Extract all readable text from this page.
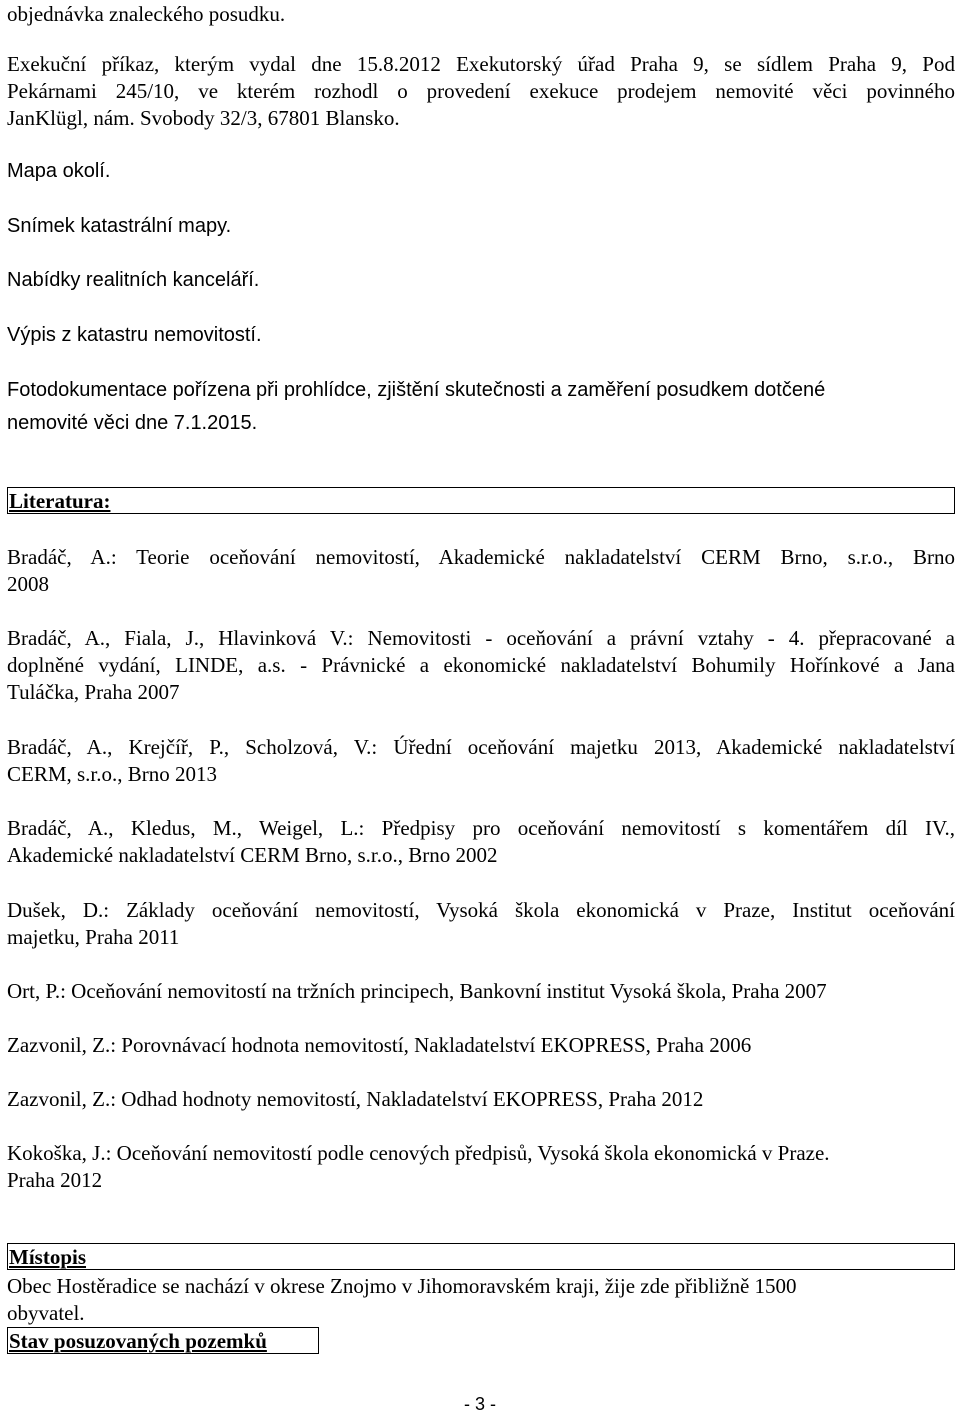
objednávka znaleckého posudku.
Exekuční příkaz, kterým vydal dne 15.8.2012 Exekutorský úřad Praha 9, se sídlem Praha 9, Pod
Pekárnami 245/10, ve kterém rozhodl o provedení exekuce prodejem nemovité věci povinného
JanKlügl, nám. Svobody 32/3, 67801 Blansko.
Mapa okolí.
Snímek katastrální mapy.
Nabídky realitních kanceláří.
Výpis z katastru nemovitostí.
Fotodokumentace pořízena při prohlídce, zjištění skutečnosti a zaměření posudkem dotčené
nemovité věci dne 7.1.2015.
Literatura:
Bradáč, A.: Teorie oceňování nemovitostí, Akademické nakladatelství CERM Brno, s.r.o., Brno
2008
Bradáč, A., Fiala, J., Hlavinková V.: Nemovitosti - oceňování a právní vztahy - 4. přepracované a
doplněné vydání, LINDE, a.s. - Právnické a ekonomické nakladatelství Bohumily Hořínkové a Jana
Tuláčka, Praha 2007
Bradáč, A., Krejčíř, P., Scholzová, V.: Úřední oceňování majetku 2013, Akademické nakladatelství
CERM, s.r.o., Brno 2013
Bradáč, A., Kledus, M., Weigel, L.: Předpisy pro oceňování nemovitostí s komentářem díl IV.,
Akademické nakladatelství CERM Brno, s.r.o., Brno 2002
Dušek, D.: Základy oceňování nemovitostí, Vysoká škola ekonomická v Praze, Institut oceňování
majetku, Praha 2011
Ort, P.: Oceňování nemovitostí na tržních principech, Bankovní institut Vysoká škola, Praha 2007
Zazvonil, Z.: Porovnávací hodnota nemovitostí, Nakladatelství EKOPRESS, Praha 2006
Zazvonil, Z.: Odhad hodnoty nemovitostí, Nakladatelství EKOPRESS, Praha 2012
Kokoška, J.: Oceňování nemovitostí podle cenových předpisů, Vysoká škola ekonomická v Praze.
Praha 2012
Místopis
Obec Hostěradice se nachází v okrese Znojmo v Jihomoravském kraji, žije zde přibližně 1500
obyvatel.
Stav posuzovaných pozemků
- 3 -
